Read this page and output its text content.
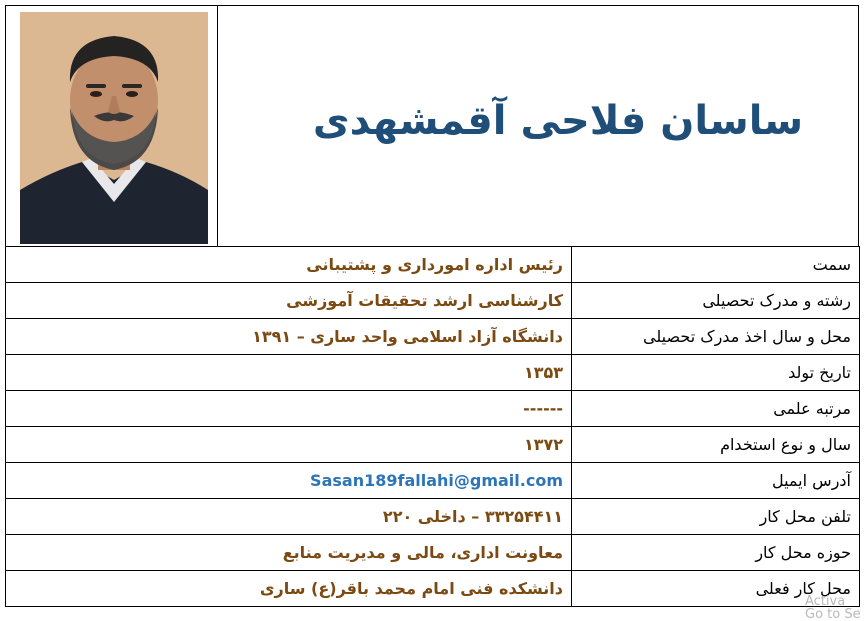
ساسان فلاحی آقمشهدی
رئیس اداره امورداری و پشتیبانی	سمت
کارشناسی ارشد تحقیقات آموزشی	رشته و مدرک تحصیلی
دانشگاه آزاد اسلامی واحد ساری – ۱۳۹۱	محل و سال اخذ مدرک تحصیلی
۱۳۵۳	تاریخ تولد
------	مرتبه علمی
۱۳۷۲	سال و نوع استخدام
Sasan189fallahi@gmail.com	آدرس ایمیل
۳۳۲۵۴۴۱۱ – داخلی ۲۲۰	تلفن محل کار
معاونت اداری، مالی و مدیریت منابع	حوزه محل کار
دانشکده فنی امام محمد باقر(ع) ساری	محل کار فعلی
Activa
Go to Se
